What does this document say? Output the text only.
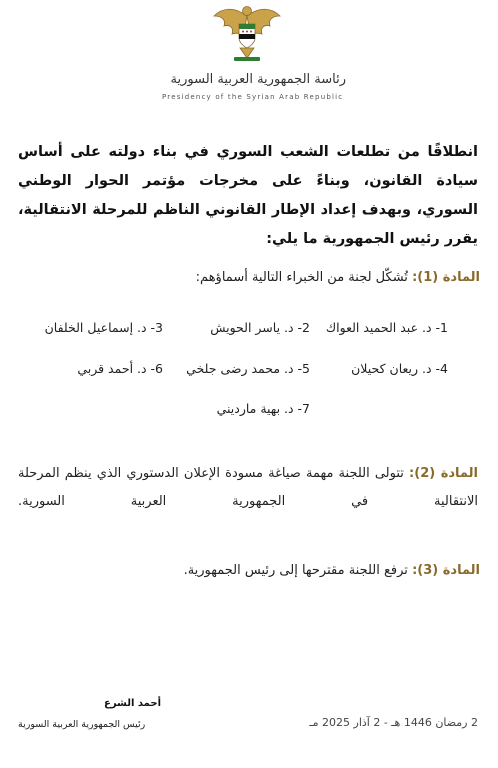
رئاسة الجمهورية العربية السورية
Presidency of the Syrian Arab Republic
انطلاقًا من تطلعات الشعب السوري في بناء دولته على أساس سيادة القانون، وبناءً على مخرجات مؤتمر الحوار الوطني السوري، وبهدف إعداد الإطار القانوني الناظم للمرحلة الانتقالية، يقرر رئيس الجمهورية ما يلي:
المادة (1): تُشكّل لجنة من الخبراء التالية أسماؤهم:
1- د. عبد الحميد العواك
2- د. ياسر الحويش
3- د. إسماعيل الخلفان
4- د. ريعان كحيلان
5- د. محمد رضى جلخي
6- د. أحمد قربي
7- د. بهية مارديني
المادة (2): تتولى اللجنة مهمة صياغة مسودة الإعلان الدستوري الذي ينظم المرحلة الانتقالية في الجمهورية العربية السورية.
المادة (3): ترفع اللجنة مقترحها إلى رئيس الجمهورية.
أحمد الشرع
رئيس الجمهورية العربية السورية	2 رمضان 1446 هـ - 2 آذار 2025 مـ
